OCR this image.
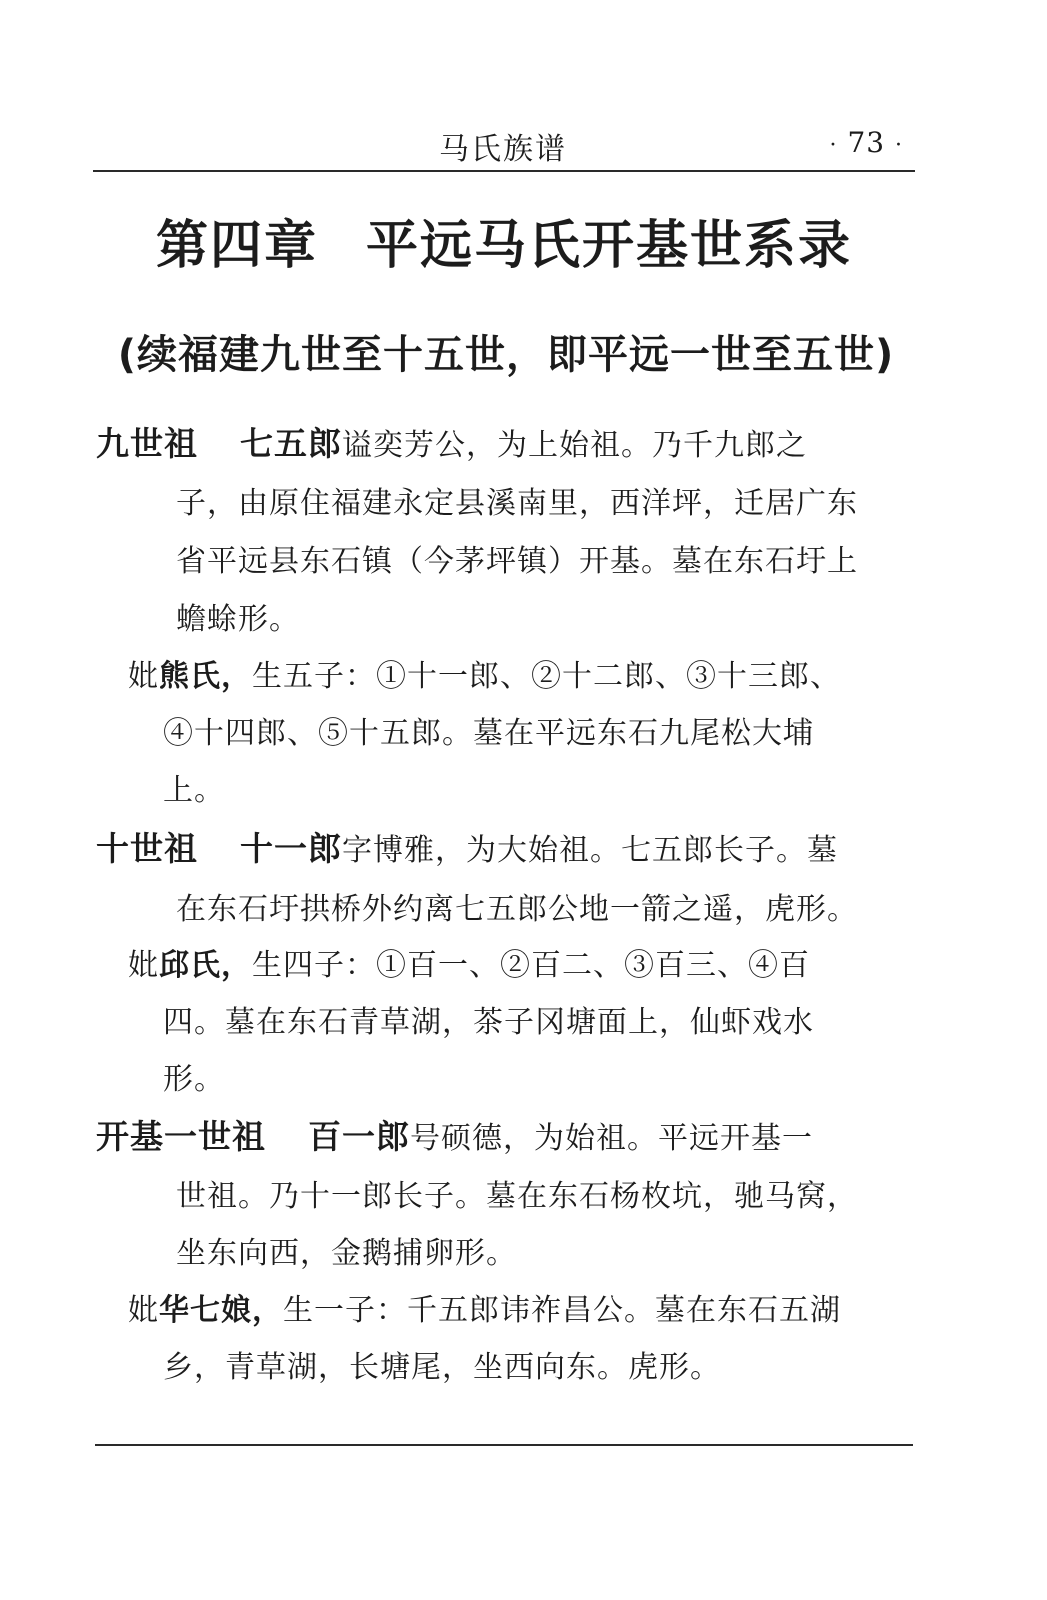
马氏族谱	· 73 ·
第四章 平远马氏开基世系录
(续福建九世至十五世，即平远一世至五世)
九世祖 七五郎谥奕芳公，为上始祖。乃千九郎之
子，由原住福建永定县溪南里，西洋坪，迁居广东
省平远县东石镇（今茅坪镇）开基。墓在东石圩上
蟾蜍形。
妣熊氏，生五子：①十一郎、②十二郎、③十三郎、
④十四郎、⑤十五郎。墓在平远东石九尾松大埔
上。
十世祖 十一郎字博雅，为大始祖。七五郎长子。墓
在东石圩拱桥外约离七五郎公地一箭之遥，虎形。
妣邱氏，生四子：①百一、②百二、③百三、④百
四。墓在东石青草湖，茶子冈塘面上，仙虾戏水
形。
开基一世祖 百一郎号硕德，为始祖。平远开基一
世祖。乃十一郎长子。墓在东石杨枚坑，驰马窝，
坐东向西，金鹅捕卵形。
妣华七娘，生一子：千五郎讳祚昌公。墓在东石五湖
乡，青草湖，长塘尾，坐西向东。虎形。
